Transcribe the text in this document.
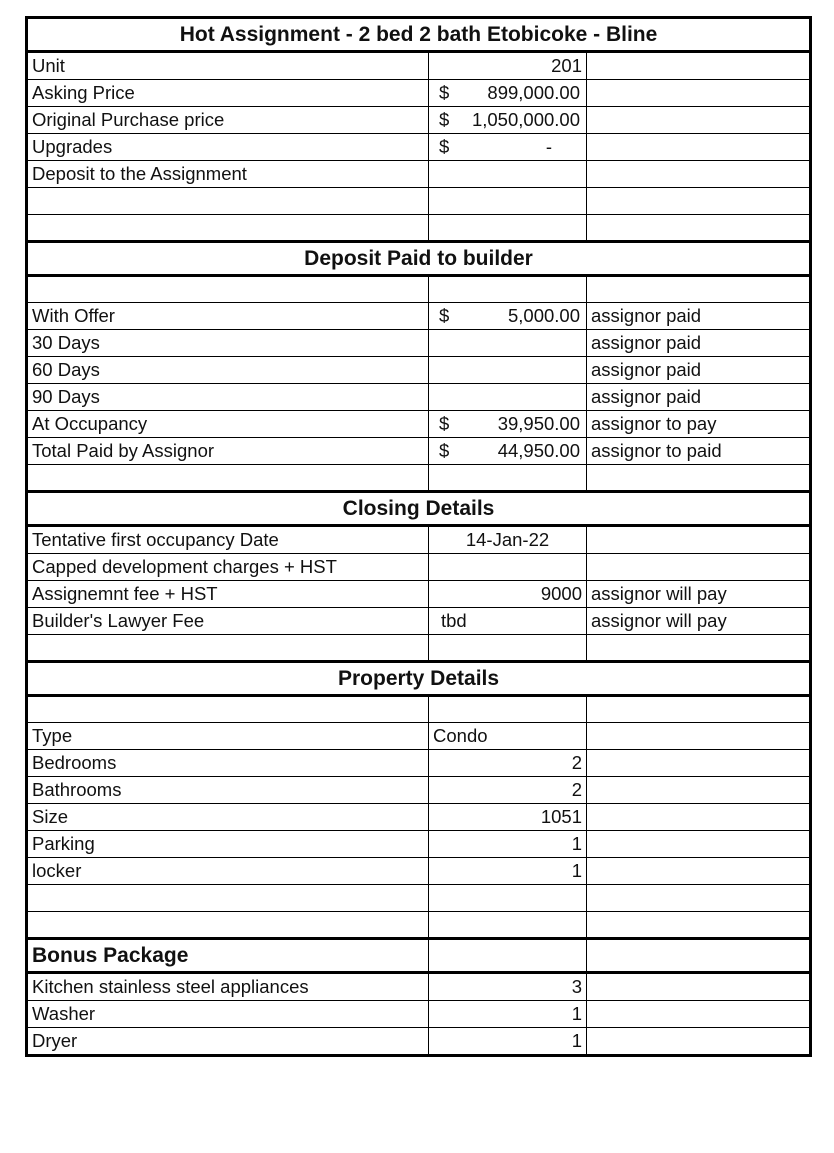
Hot Assignment - 2 bed 2 bath Etobicoke - Bline		
Unit	201	
Asking Price	$ 899,000.00	

Original Purchase price	$ 1,050,000.00	

Upgrades	$ -	

Deposit to the Assignment		

Deposit Paid to builder		

With Offer	$ 5,000.00	assignor paid
30 Days		assignor paid
60 Days		assignor paid
90 Days		assignor paid
At Occupancy	$ 39,950.00	assignor to pay
Total Paid by Assignor	$ 44,950.00	assignor to paid

Closing Details		
Tentative first occupancy Date	14-Jan-22	
Capped development charges + HST		
Assignemnt fee + HST	9000	assignor will pay
Builder's Lawyer Fee	tbd	assignor will pay

Property Details		

Type	Condo	
Bedrooms	2	
Bathrooms	2	
Size	1051	
Parking	1	
locker	1	

Bonus Package		
Kitchen stainless steel appliances	3	
Washer	1	
Dryer	1	
